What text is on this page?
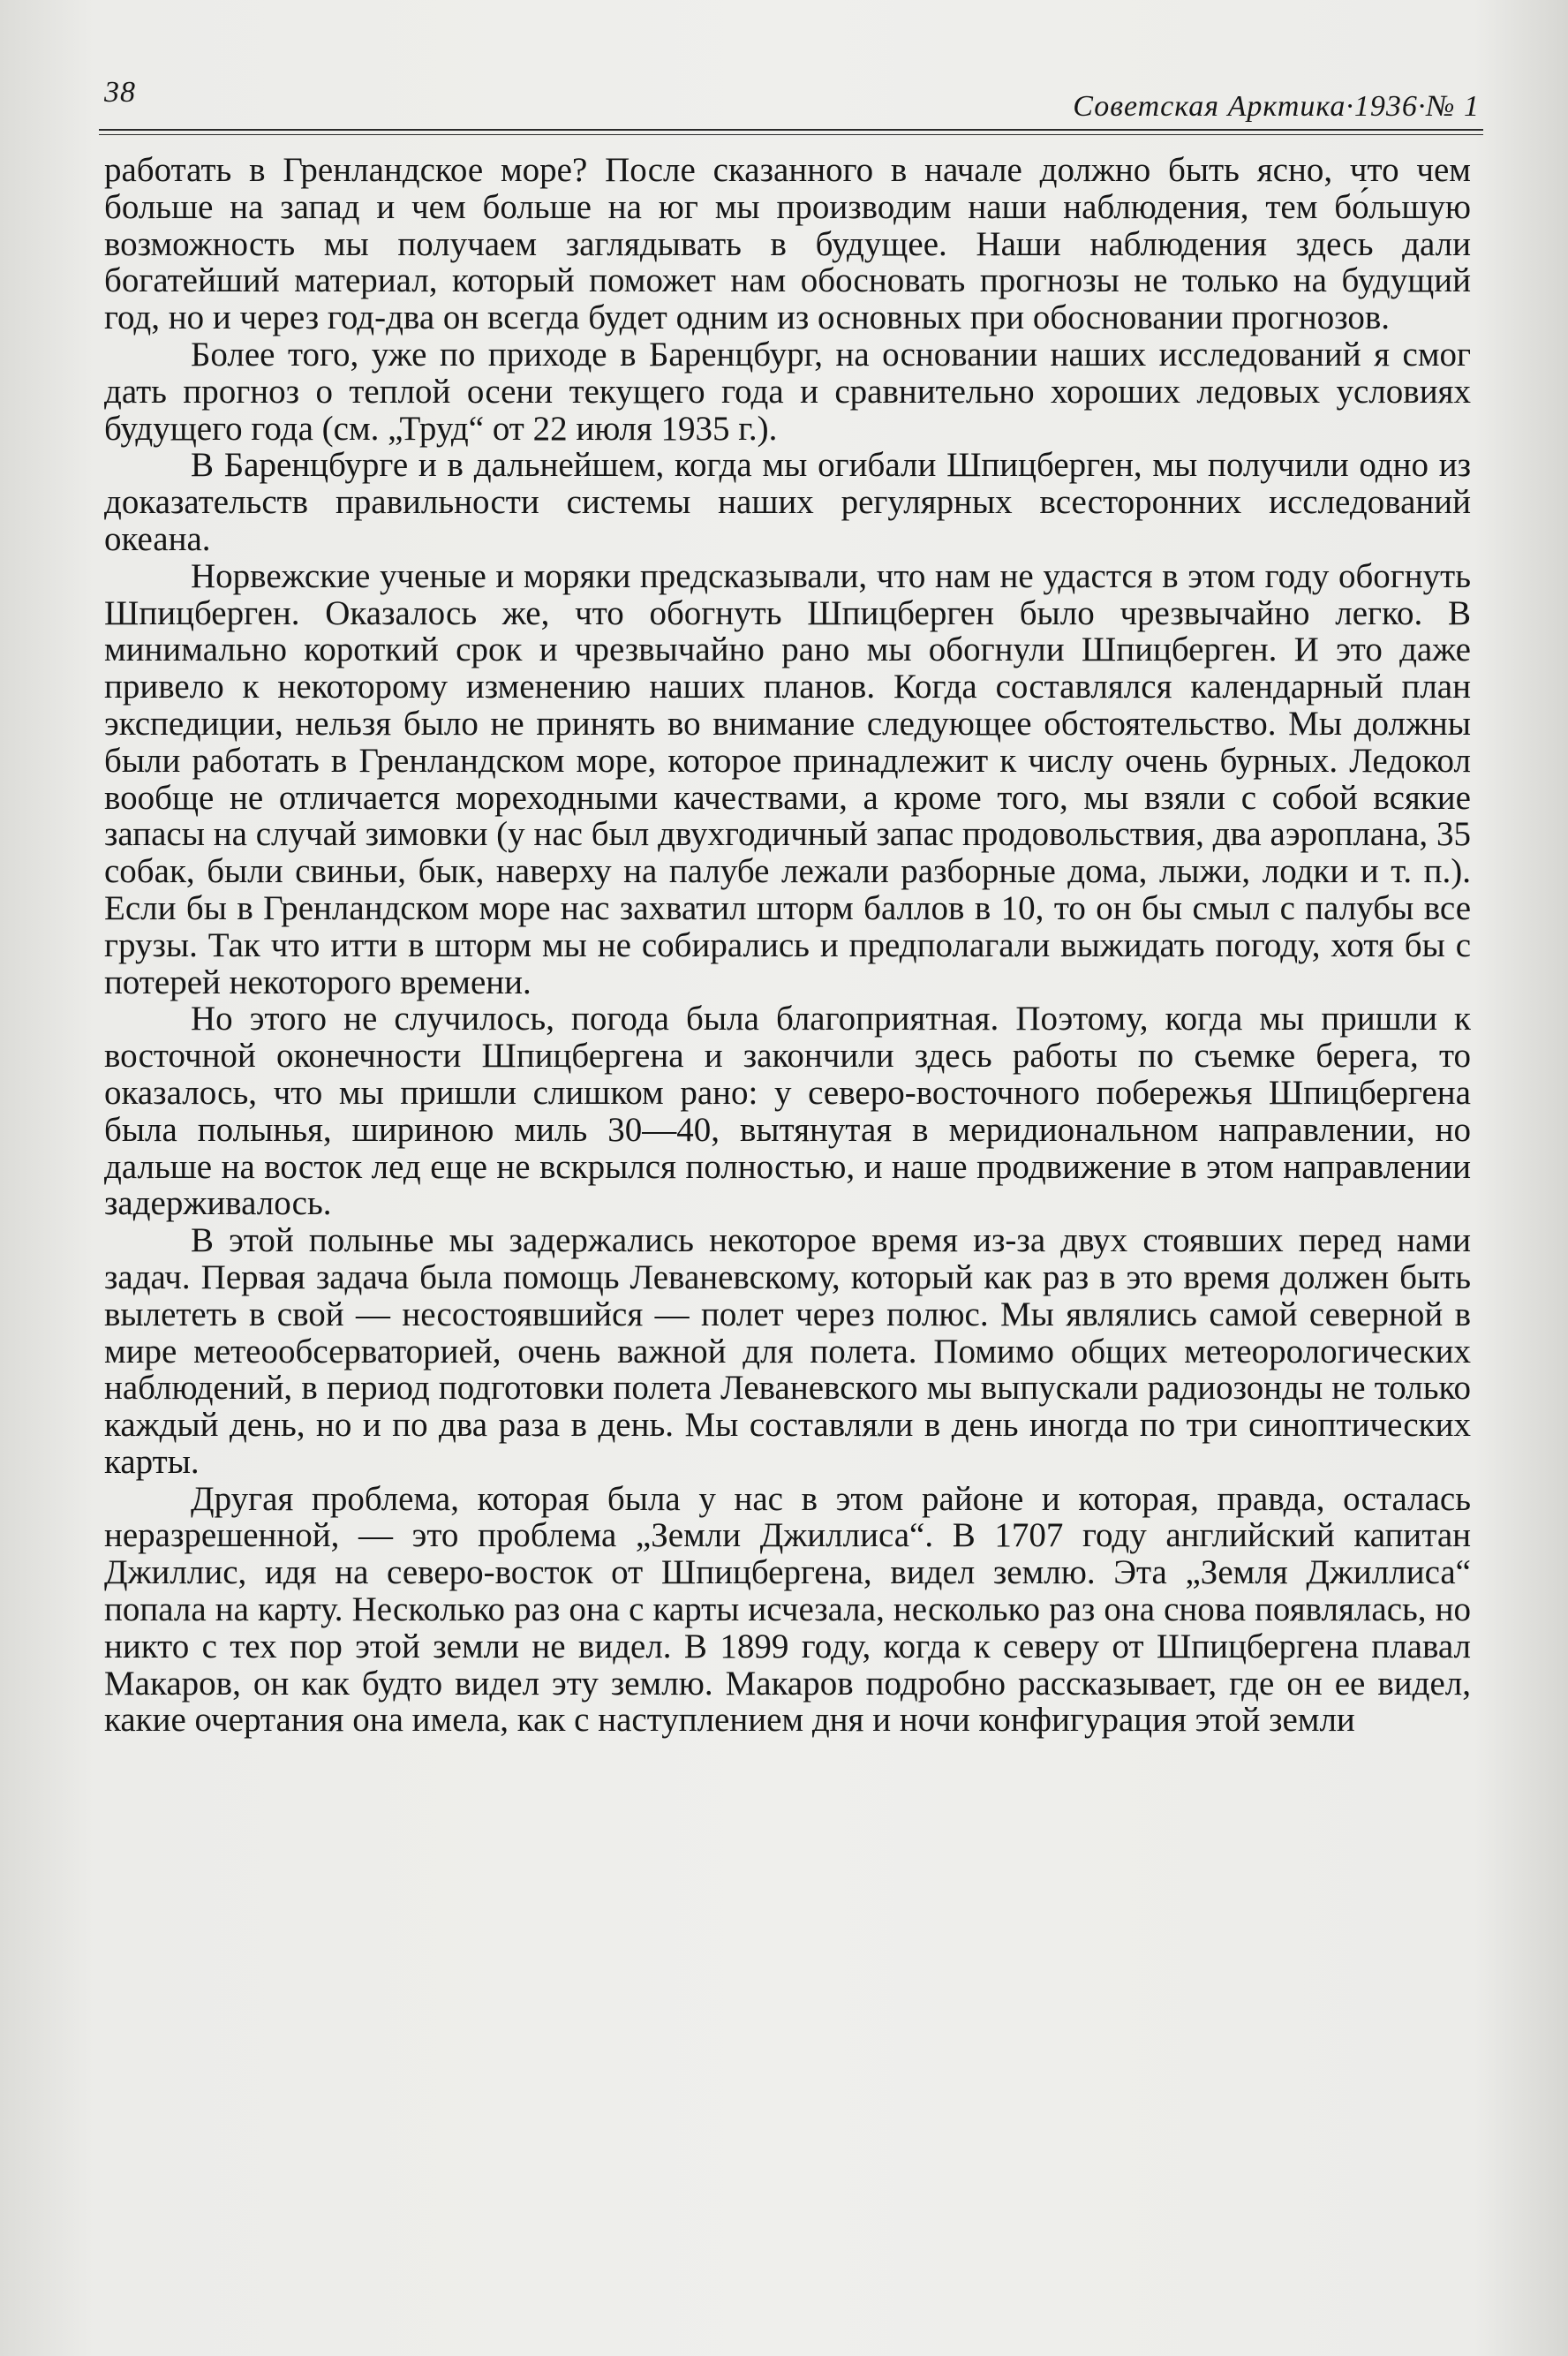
38	Советская Арктика·1936·№ 1

работать в Гренландское море? После сказанного в начале должно быть ясно, что чем больше на запад и чем больше на юг мы производим наши наблюдения, тем бо́льшую возможность мы получаем заглядывать в будущее. Наши наблюдения здесь дали богатейший материал, который поможет нам обосновать прогнозы не только на будущий год, но и через год-два он всегда будет одним из основных при обосновании прогнозов.

Более того, уже по приходе в Баренцбург, на основании наших исследований я смог дать прогноз о теплой осени текущего года и сравнительно хороших ледовых условиях будущего года (см. „Труд“ от 22 июля 1935 г.).

В Баренцбурге и в дальнейшем, когда мы огибали Шпицберген, мы получили одно из доказательств правильности системы наших регулярных всесторонних исследований океана.

Норвежские ученые и моряки предсказывали, что нам не удастся в этом году обогнуть Шпицберген. Оказалось же, что обогнуть Шпицберген было чрезвычайно легко. В минимально короткий срок и чрезвычайно рано мы обогнули Шпицберген. И это даже привело к некоторому изменению наших планов. Когда составлялся календарный план экспедиции, нельзя было не принять во внимание следующее обстоятельство. Мы должны были работать в Гренландском море, которое принадлежит к числу очень бурных. Ледокол вообще не отличается мореходными качествами, а кроме того, мы взяли с собой всякие запасы на случай зимовки (у нас был двухгодичный запас продовольствия, два аэроплана, 35 собак, были свиньи, бык, наверху на палубе лежали разборные дома, лыжи, лодки и т. п.). Если бы в Гренландском море нас захватил шторм баллов в 10, то он бы смыл с палубы все грузы. Так что итти в шторм мы не собирались и предполагали выжидать погоду, хотя бы с потерей некоторого времени.

Но этого не случилось, погода была благоприятная. Поэтому, когда мы пришли к восточной оконечности Шпицбергена и закончили здесь работы по съемке берега, то оказалось, что мы пришли слишком рано: у северо-восточного побережья Шпицбергена была полынья, шириною миль 30—40, вытянутая в меридиональном направлении, но дальше на восток лед еще не вскрылся полностью, и наше продвижение в этом направлении задерживалось.

В этой полынье мы задержались некоторое время из-за двух стоявших перед нами задач. Первая задача была помощь Леваневскому, который как раз в это время должен быть вылететь в свой — несостоявшийся — полет через полюс. Мы являлись самой северной в мире метеообсерваторией, очень важной для полета. Помимо общих метеорологических наблюдений, в период подготовки полета Леваневского мы выпускали радиозонды не только каждый день, но и по два раза в день. Мы составляли в день иногда по три синоптических карты.

Другая проблема, которая была у нас в этом районе и которая, правда, осталась неразрешенной, — это проблема „Земли Джиллиса“. В 1707 году английский капитан Джиллис, идя на северо-восток от Шпицбергена, видел землю. Эта „Земля Джиллиса“ попала на карту. Несколько раз она с карты исчезала, несколько раз она снова появлялась, но никто с тех пор этой земли не видел. В 1899 году, когда к северу от Шпицбергена плавал Макаров, он как будто видел эту землю. Макаров подробно рассказывает, где он ее видел, какие очертания она имела, как с наступлением дня и ночи конфигурация этой земли
